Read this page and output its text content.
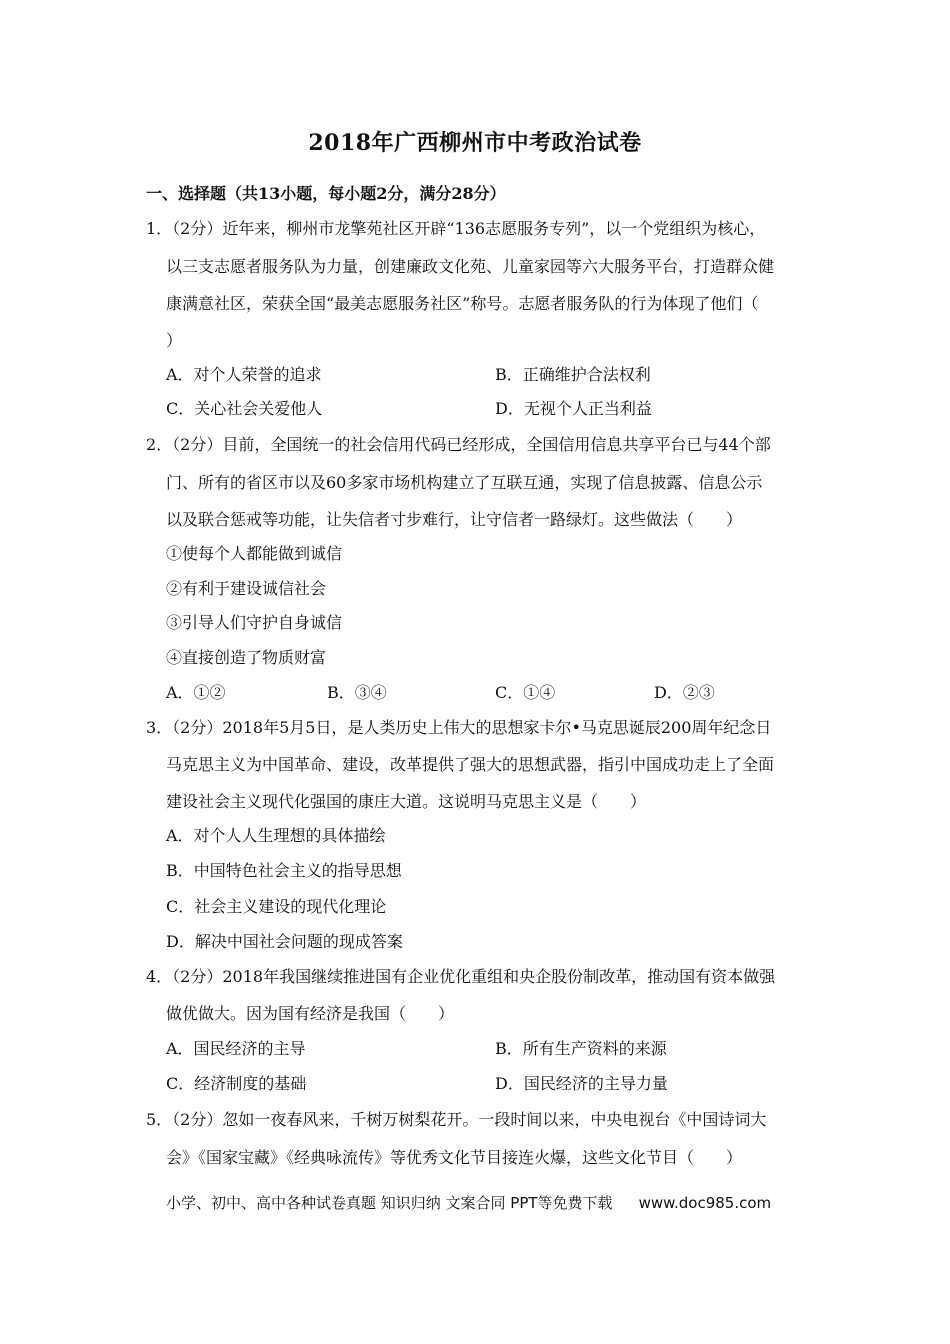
2018年广西柳州市中考政治试卷
一、选择题（共13小题，每小题2分，满分28分）
1．（2分）近年来，柳州市龙擎苑社区开辟“136志愿服务专列”，以一个党组织为核心，
以三支志愿者服务队为力量，创建廉政文化苑、儿童家园等六大服务平台，打造群众健
康满意社区，荣获全国“最美志愿服务社区”称号。志愿者服务队的行为体现了他们（
）
A．对个人荣誉的追求	B．正确维护合法权利
C．关心社会关爱他人	D．无视个人正当利益
2．（2分）目前，全国统一的社会信用代码已经形成，全国信用信息共享平台已与44个部
门、所有的省区市以及60多家市场机构建立了互联互通，实现了信息披露、信息公示
以及联合惩戒等功能，让失信者寸步难行，让守信者一路绿灯。这些做法（　　）
①使每个人都能做到诚信
②有利于建设诚信社会
③引导人们守护自身诚信
④直接创造了物质财富
A．①②	B．③④	C．①④	D．②③
3．（2分）2018年5月5日，是人类历史上伟大的思想家卡尔•马克思诞辰200周年纪念日
马克思主义为中国革命、建设，改革提供了强大的思想武器，指引中国成功走上了全面
建设社会主义现代化强国的康庄大道。这说明马克思主义是（　　）
A．对个人人生理想的具体描绘
B．中国特色社会主义的指导思想
C．社会主义建设的现代化理论
D．解决中国社会问题的现成答案
4．（2分）2018年我国继续推进国有企业优化重组和央企股份制改革，推动国有资本做强
做优做大。因为国有经济是我国（　　）
A．国民经济的主导	B．所有生产资料的来源
C．经济制度的基础	D．国民经济的主导力量
5．（2分）忽如一夜春风来，千树万树梨花开。一段时间以来，中央电视台《中国诗词大
会》《国家宝藏》《经典咏流传》等优秀文化节目接连火爆，这些文化节目（　　）
小学、初中、高中各种试卷真题 知识归纳 文案合同 PPT等免费下载 www.doc985.com
